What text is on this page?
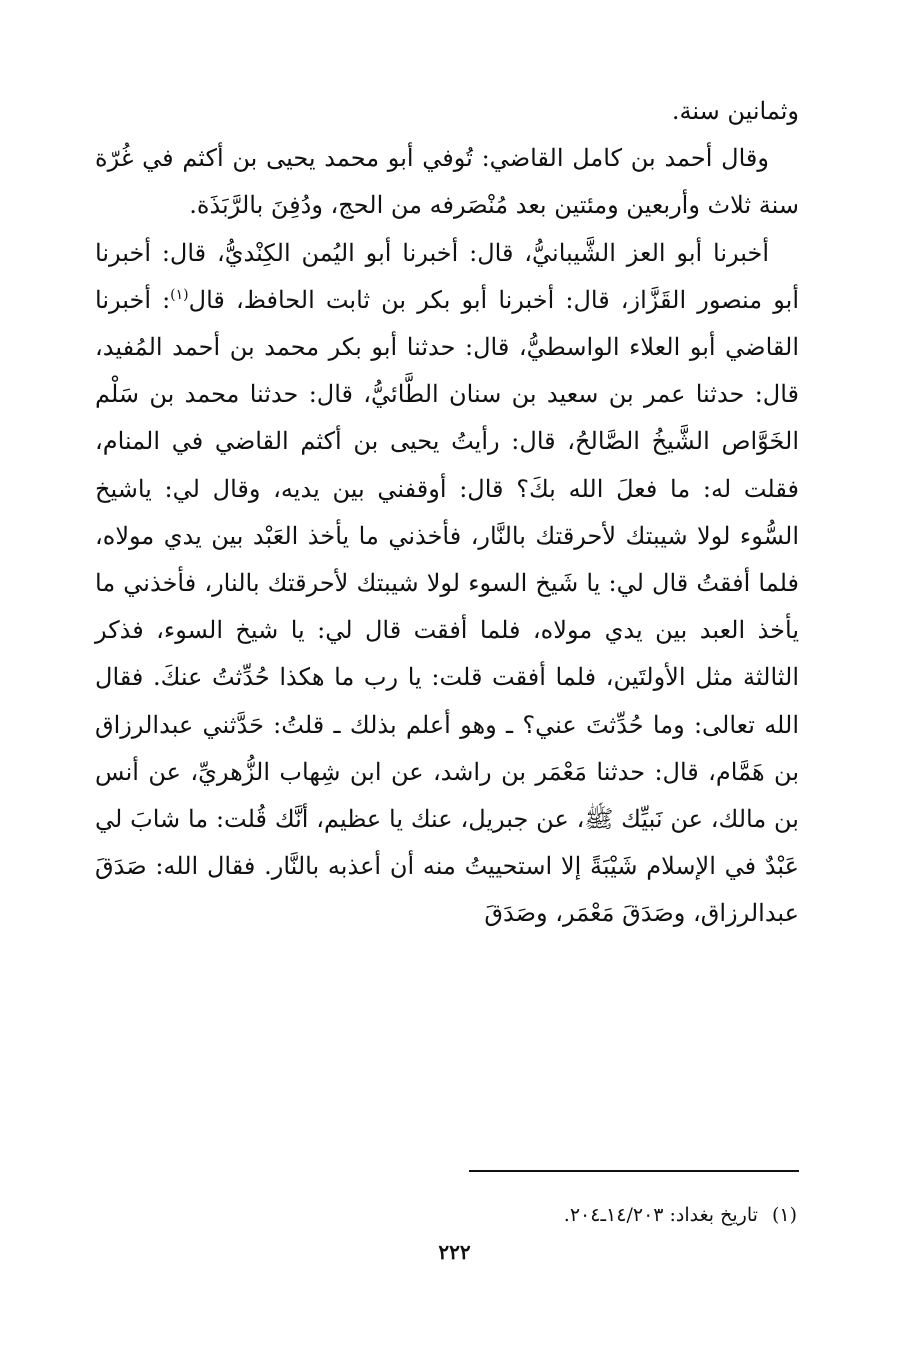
وثمانين سنة.

وقال أحمد بن كامل القاضي: تُوفي أبو محمد يحيى بن أكثم في غُرّة سنة ثلاث وأربعين ومئتين بعد مُنْصَرفه من الحج، ودُفِنَ بالرَّبَذَة.

أخبرنا أبو العز الشَّيبانيُّ، قال: أخبرنا أبو اليُمن الكِنْديُّ، قال: أخبرنا أبو منصور القَزَّاز، قال: أخبرنا أبو بكر بن ثابت الحافظ، قال$^{(١)}$: أخبرنا القاضي أبو العلاء الواسطيُّ، قال: حدثنا أبو بكر محمد بن أحمد المُفيد، قال: حدثنا عمر بن سعيد بن سنان الطَّائيُّ، قال: حدثنا محمد بن سَلْم الخَوَّاص الشَّيخُ الصَّالحُ، قال: رأيتُ يحيى بن أكثم القاضي في المنام، فقلت له: ما فعلَ الله بكَ؟ قال: أوقفني بين يديه، وقال لي: ياشيخ السُّوء لولا شيبتك لأحرقتك بالنَّار، فأخذني ما يأخذ العَبْد بين يدي مولاه، فلما أفقتُ قال لي: يا شَيخ السوء لولا شيبتك لأحرقتك بالنار، فأخذني ما يأخذ العبد بين يدي مولاه، فلما أفقت قال لي: يا شيخ السوء، فذكر الثالثة مثل الأولتَين، فلما أفقت قلت: يا رب ما هكذا حُدِّثتُ عنكَ. فقال الله تعالى: وما حُدِّثتَ عني؟ ـ وهو أعلم بذلك ـ قلتُ: حَدَّثني عبدالرزاق بن هَمَّام، قال: حدثنا مَعْمَر بن راشد، عن ابن شِهاب الزُّهريِّ، عن أنس بن مالك، عن نَبيِّك ﷺ، عن جبريل، عنك يا عظيم، أنَّك قُلت: ما شابَ لي عَبْدٌ في الإسلام شَيْبَةً إلا استحييتُ منه أن أعذبه بالنَّار. فقال الله: صَدَقَ عبدالرزاق، وصَدَقَ مَعْمَر، وصَدَقَ

(١)تاريخ بغداد: ١٤/٢٠٣ـ٢٠٤.
٢٢٢
